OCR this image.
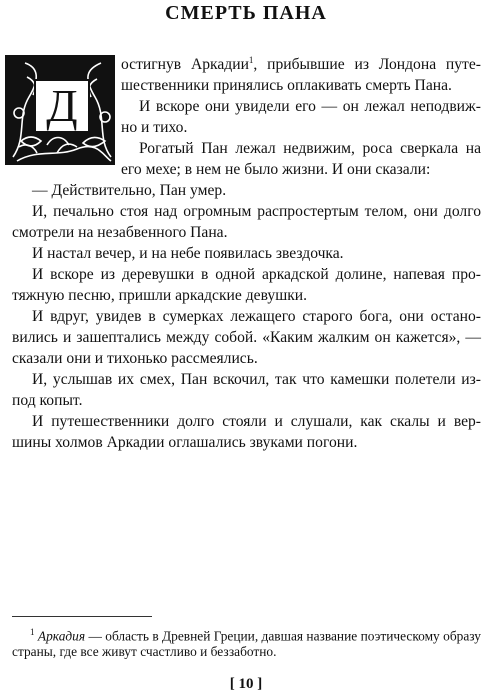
СМЕРТЬ ПАНА
Д
остигнув Аркадии$^1$, прибывшие из Лондона путе-
шественники принялись оплакивать смерть Пана.
И вскоре они увидели его — он лежал неподвиж-
но и тихо.
Рогатый Пан лежал недвижим, роса сверкала на
его мехе; в нем не было жизни. И они сказали:
— Действительно, Пан умер.
И, печально стоя над огромным распростертым телом, они долго
смотрели на незабвенного Пана.
И настал вечер, и на небе появилась звездочка.
И вскоре из деревушки в одной аркадской долине, напевая про-
тяжную песню, пришли аркадские девушки.
И вдруг, увидев в сумерках лежащего старого бога, они остано-
вились и зашептались между собой. «Каким жалким он кажется», —
сказали они и тихонько рассмеялись.
И, услышав их смех, Пан вскочил, так что камешки полетели из-
под копыт.
И путешественники долго стояли и слушали, как скалы и вер-
шины холмов Аркадии оглашались звуками погони.
$^1$ Аркадия — область в Древней Греции, давшая название поэтическому образу
страны, где все живут счастливо и беззаботно.
[ 10 ]
